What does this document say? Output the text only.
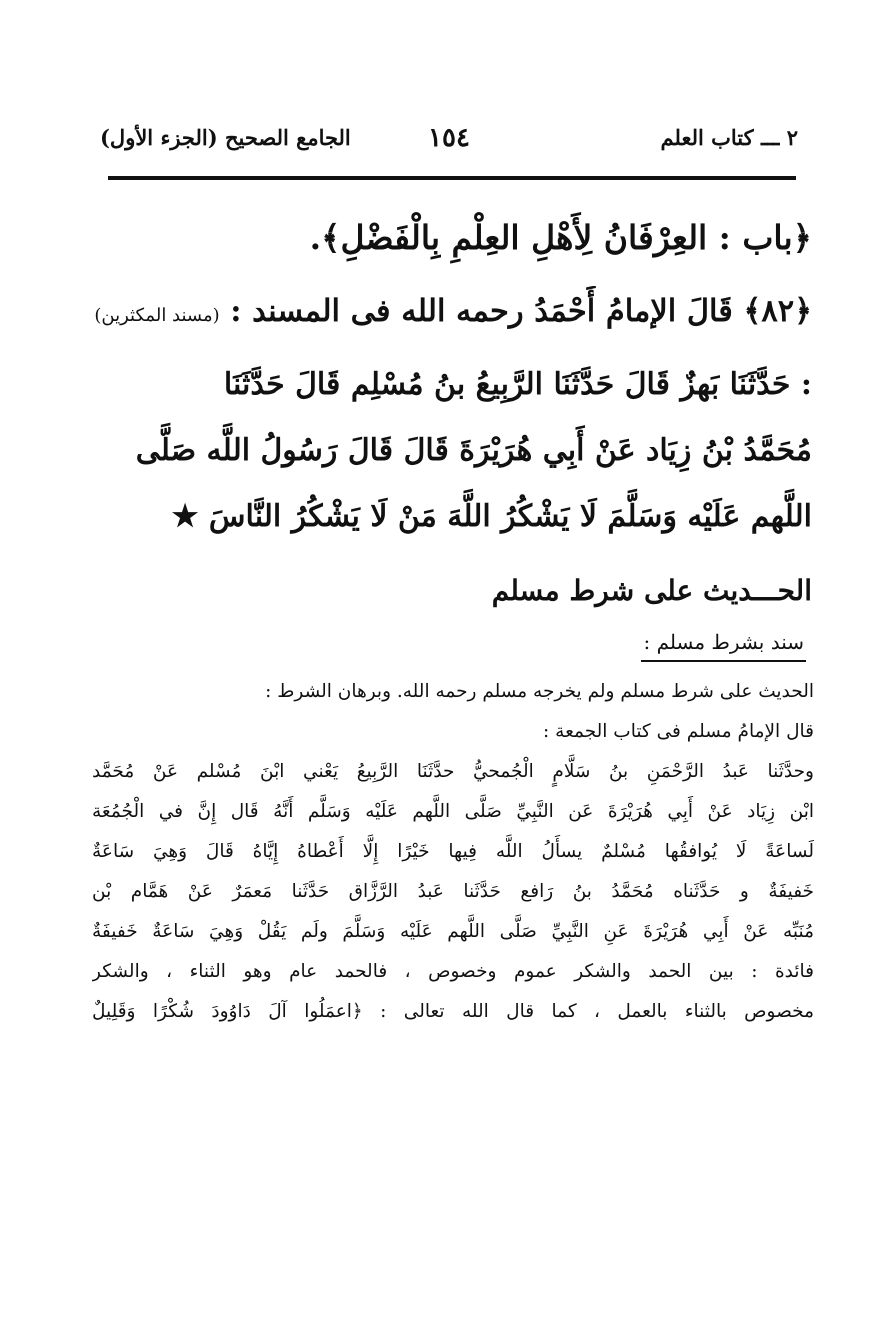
٢ ـــ كتاب العلم
١٥٤
الجامع الصحيح (الجزء الأول)
﴿باب : العِرْفَانُ لِأَهْلِ العِلْمِ بِالْفَضْلِ﴾.
﴿٨٢﴾ قَالَ الإمامُ أَحْمَدُ رحمه الله فى المسند : (مسند المكثرين)

: حَدَّثَنَا بَهزٌ قَالَ حَدَّثَنَا الرَّبِيعُ بنُ مُسْلِم قَالَ حَدَّثَنَا

مُحَمَّدُ بْنُ زِيَاد عَنْ أَبِي هُرَيْرَةَ قَالَ قَالَ رَسُولُ اللَّه صَلَّى

اللَّهم عَلَيْه وَسَلَّمَ لَا يَشْكُرُ اللَّهَ مَنْ لَا يَشْكُرُ النَّاسَ ★

الحـــديث على شرط مسلم
سند بشرط مسلم :

الحديث على شرط مسلم ولم يخرجه مسلم رحمه الله. وبرهان الشرط :

قال الإمامُ مسلم فى كتاب الجمعة :

وحدَّثَنا عَبدُ الرَّحْمَنِ بنُ سَلَّامٍ الْجُمحيُّ حدَّثَنَا الرَّبِيعُ يَعْني ابْنَ مُسْلم عَنْ مُحَمَّد

ابْن زِيَاد عَنْ أَبِي هُرَيْرَةَ عَن النَّبِيِّ صَلَّى اللَّهم عَلَيْه وَسَلَّم أَنَّهُ قَال إِنَّ في الْجُمُعَة

لَساعَةً لَا يُوافقُها مُسْلمٌ يسأَلُ اللَّه فِيها خَيْرًا إِلَّا أَعْطاهُ إِيَّاهُ قَالَ وَهِيَ سَاعَةٌ

خَفيفَةٌ و حَدَّثَناه مُحَمَّدُ بنُ رَافع حَدَّثَنا عَبدُ الرَّزَّاق حَدَّثَنا مَعمَرٌ عَنْ هَمَّام بْن

مُنَبِّه عَنْ أَبِي هُرَيْرَةَ عَنِ النَّبِيِّ صَلَّى اللَّهم عَلَيْه وَسَلَّمَ ولَم يَقُلْ وَهِيَ سَاعَةٌ خَفيفَةٌ

فائدة : بين الحمد والشكر عموم وخصوص ، فالحمد عام وهو الثناء ، والشكر

مخصوص بالثناء بالعمل ، كما قال الله تعالى : ﴿اعمَلُوا آلَ دَاوُودَ شُكْرًا وَقَلِيلٌ
